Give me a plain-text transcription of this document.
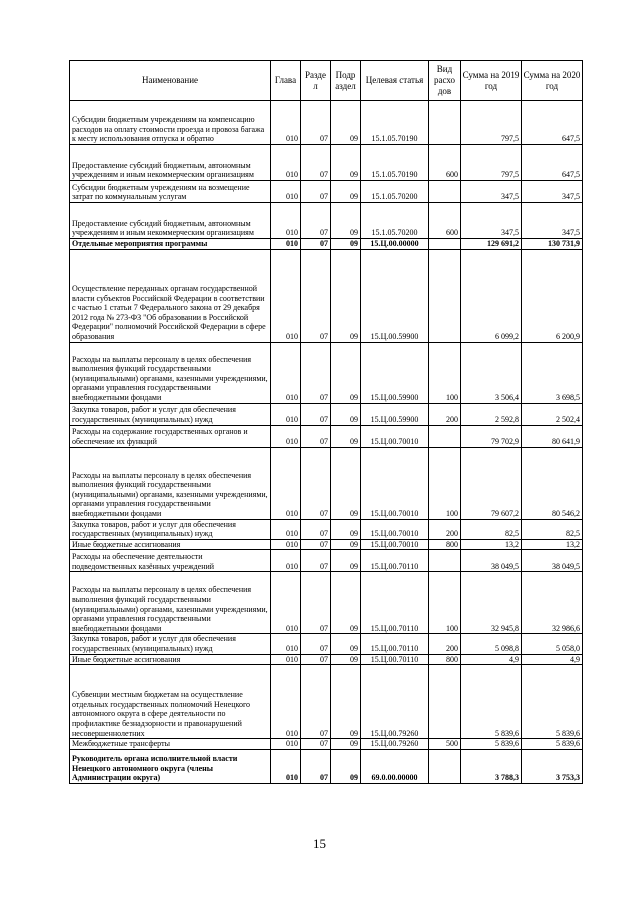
Наименование	Глава	Разде л	Подр аздел	Целевая статья	Вид расхо дов	Сумма на 2019 год	Сумма на 2020 год
Субсидии бюджетным учреждениям на компенсацию расходов на оплату стоимости проезда и провоза багажа к месту использования отпуска и обратно	010	07	09	15.1.05.70190		797,5	647,5
Предоставление субсидий бюджетным, автономным учреждениям и иным некоммерческим организациям	010	07	09	15.1.05.70190	600	797,5	647,5
Субсидии бюджетным учреждениям на возмещение затрат по коммунальным услугам	010	07	09	15.1.05.70200		347,5	347,5
Предоставление субсидий бюджетным, автономным учреждениям и иным некоммерческим организациям	010	07	09	15.1.05.70200	600	347,5	347,5
Отдельные мероприятия программы	010	07	09	15.Ц.00.00000		129 691,2	130 731,9
Осуществление переданных органам государственной власти субъектов Российской Федерации в соответствии с частью 1 статьи 7 Федерального закона от 29 декабря 2012 года № 273-ФЗ "Об образовании в Российской Федерации" полномочий Российской Федерации в сфере образования	010	07	09	15.Ц.00.59900		6 099,2	6 200,9
Расходы на выплаты персоналу в целях обеспечения выполнения функций государственными (муниципальными) органами, казенными учреждениями, органами управления государственными внебюджетными фондами	010	07	09	15.Ц.00.59900	100	3 506,4	3 698,5
Закупка товаров, работ и услуг для обеспечения государственных (муниципальных) нужд	010	07	09	15.Ц.00.59900	200	2 592,8	2 502,4
Расходы на содержание государственных органов и обеспечение их функций	010	07	09	15.Ц.00.70010		79 702,9	80 641,9
Расходы на выплаты персоналу в целях обеспечения выполнения функций государственными (муниципальными) органами, казенными учреждениями, органами управления государственными внебюджетными фондами	010	07	09	15.Ц.00.70010	100	79 607,2	80 546,2
Закупка товаров, работ и услуг для обеспечения государственных (муниципальных) нужд	010	07	09	15.Ц.00.70010	200	82,5	82,5
Иные бюджетные ассигнования	010	07	09	15.Ц.00.70010	800	13,2	13,2
Расходы на обеспечение деятельности подведомственных казённых учреждений	010	07	09	15.Ц.00.70110		38 049,5	38 049,5
Расходы на выплаты персоналу в целях обеспечения выполнения функций государственными (муниципальными) органами, казенными учреждениями, органами управления государственными внебюджетными фондами	010	07	09	15.Ц.00.70110	100	32 945,8	32 986,6
Закупка товаров, работ и услуг для обеспечения государственных (муниципальных) нужд	010	07	09	15.Ц.00.70110	200	5 098,8	5 058,0
Иные бюджетные ассигнования	010	07	09	15.Ц.00.70110	800	4,9	4,9
Субвенции местным бюджетам на осуществление отдельных государственных полномочий Ненецкого автономного округа в сфере деятельности по профилактике безнадзорности и правонарушений несовершеннолетних	010	07	09	15.Ц.00.79260		5 839,6	5 839,6
Межбюджетные трансферты	010	07	09	15.Ц.00.79260	500	5 839,6	5 839,6
Руководитель органа исполнительной власти Ненецкого автономного округа (члены Администрации округа)	010	07	09	69.0.00.00000		3 788,3	3 753,3
15
